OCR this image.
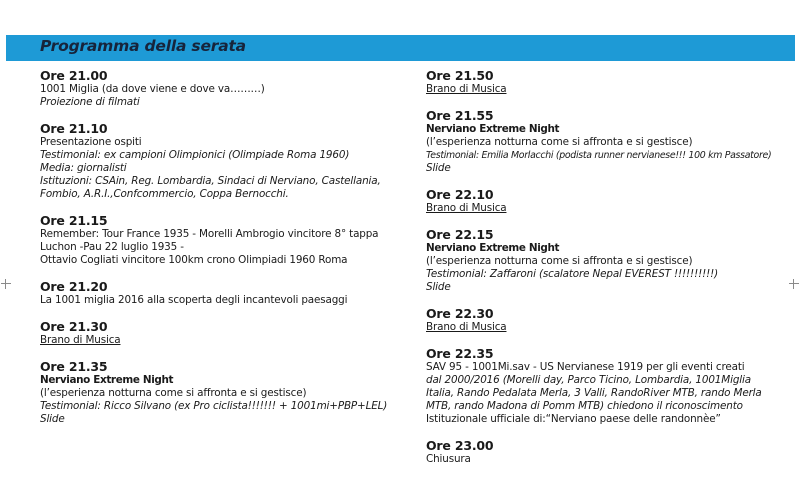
Programma della serata
Ore 21.00
1001 Miglia (da dove viene e dove va………)
Proiezione di filmati
Ore 21.10
Presentazione ospiti
Testimonial: ex campioni Olimpionici (Olimpiade Roma 1960)
Media: giornalisti
Istituzioni: CSAin, Reg. Lombardia, Sindaci di Nerviano, Castellania,
Fombio, A.R.I.,Confcommercio, Coppa Bernocchi.
Ore 21.15
Remember: Tour France 1935 - Morelli Ambrogio vincitore 8° tappa
Luchon -Pau 22 luglio 1935 -
Ottavio Cogliati vincitore 100km crono Olimpiadi 1960 Roma
Ore 21.20
La 1001 miglia 2016 alla scoperta degli incantevoli paesaggi
Ore 21.30
Brano di Musica
Ore 21.35
Nerviano Extreme Night
(l’esperienza notturna come si affronta e si gestisce)
Testimonial: Ricco Silvano (ex Pro ciclista!!!!!!! + 1001mi+PBP+LEL)
Slide
Ore 21.50
Brano di Musica
Ore 21.55
Nerviano Extreme Night
(l’esperienza notturna come si affronta e si gestisce)
Testimonial: Emilia Morlacchi (podista runner nervianese!!! 100 km Passatore)
Slide
Ore 22.10
Brano di Musica
Ore 22.15
Nerviano Extreme Night
(l’esperienza notturna come si affronta e si gestisce)
Testimonial: Zaffaroni (scalatore Nepal EVEREST !!!!!!!!!!)
Slide
Ore 22.30
Brano di Musica
Ore 22.35
SAV 95 - 1001Mi.sav - US Nervianese 1919 per gli eventi creati
dal 2000/2016 (Morelli day, Parco Ticino, Lombardia, 1001Miglia
Italia, Rando Pedalata Merla, 3 Valli, RandoRiver MTB, rando Merla
MTB, rando Madona di Pomm MTB) chiedono il riconoscimento
Istituzionale ufficiale di:“Nerviano paese delle randonnèe”
Ore 23.00
Chiusura
